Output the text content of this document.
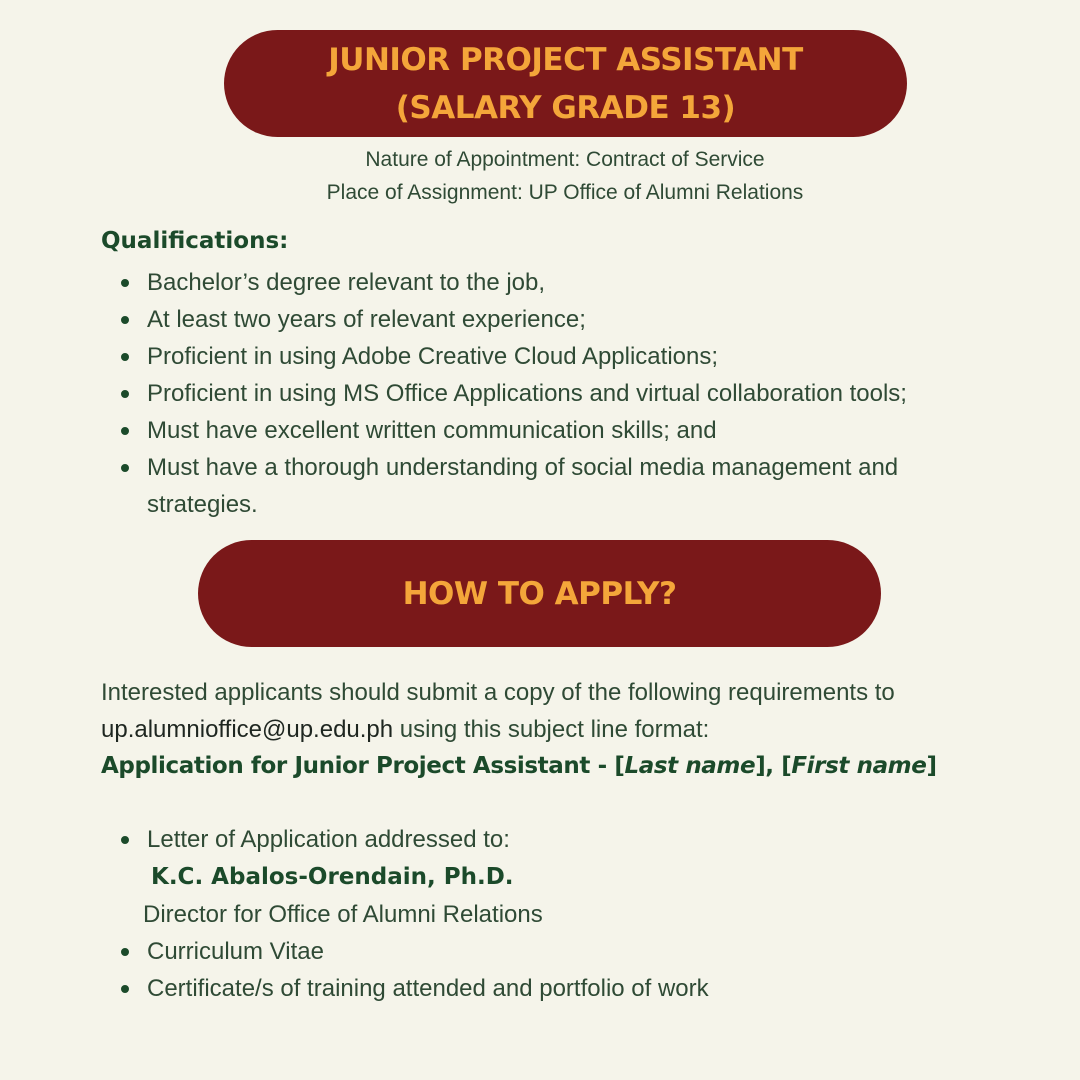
JUNIOR PROJECT ASSISTANT
(SALARY GRADE 13)
Nature of Appointment: Contract of Service
Place of Assignment: UP Office of Alumni Relations
Qualifications:
Bachelor’s degree relevant to the job,
At least two years of relevant experience;
Proficient in using Adobe Creative Cloud Applications;
Proficient in using MS Office Applications and virtual collaboration tools;
Must have excellent written communication skills; and
Must have a thorough understanding of social media management and strategies.
HOW TO APPLY?
Interested applicants should submit a copy of the following requirements to
up.alumnioffice@up.edu.ph using this subject line format:
Application for Junior Project Assistant - [Last name], [First name]
Letter of Application addressed to:
K.C. Abalos-Orendain, Ph.D.
Director for Office of Alumni Relations
Curriculum Vitae
Certificate/s of training attended and portfolio of work
